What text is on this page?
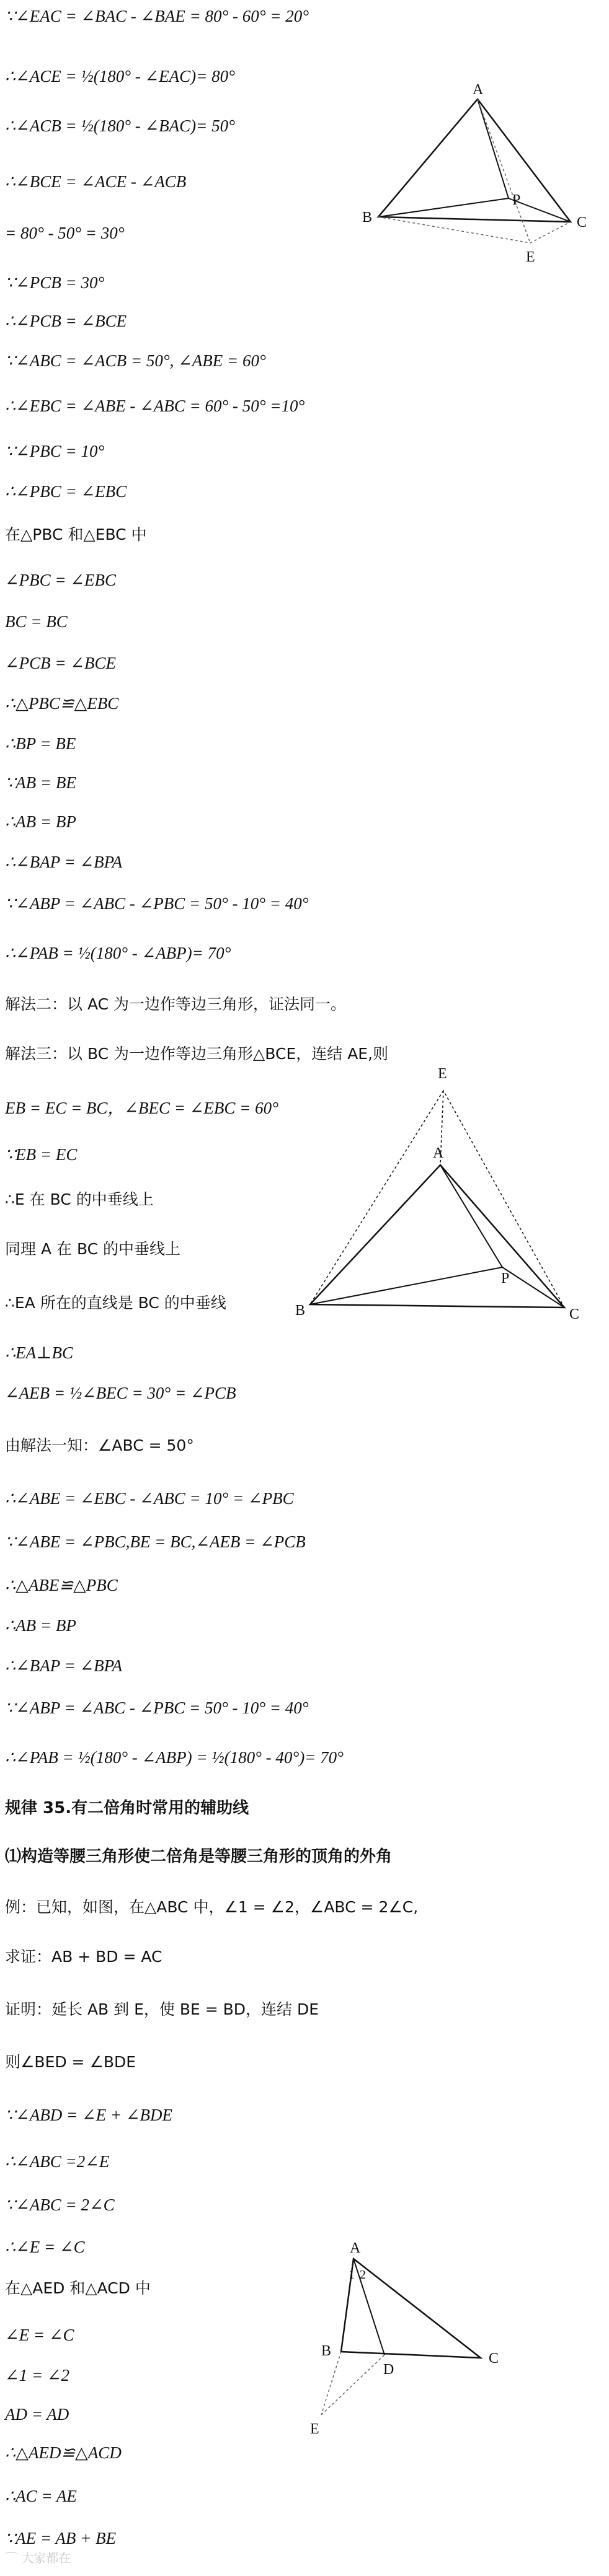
∵∠EAC = ∠BAC - ∠BAE = 80° - 60° = 20°
∴∠ACE = ½(180° - ∠EAC)= 80°
∴∠ACB = ½(180° - ∠BAC)= 50°
∴∠BCE = ∠ACE - ∠ACB
= 80° - 50° = 30°
∵∠PCB = 30°
∴∠PCB = ∠BCE
∵∠ABC = ∠ACB = 50°, ∠ABE = 60°
∴∠EBC = ∠ABE - ∠ABC = 60° - 50° =10°
∵∠PBC = 10°
∴∠PBC = ∠EBC
在△PBC 和△EBC 中
∠PBC = ∠EBC
BC = BC
∠PCB = ∠BCE
∴△PBC≌△EBC
∴BP = BE
∵AB = BE
∴AB = BP
∴∠BAP = ∠BPA
∵∠ABP = ∠ABC - ∠PBC = 50° - 10° = 40°
∴∠PAB = ½(180° - ∠ABP)= 70°
解法二：以 AC 为一边作等边三角形，证法同一。
解法三：以 BC 为一边作等边三角形△BCE，连结 AE,则
EB = EC = BC，∠BEC = ∠EBC = 60°
∵EB = EC
∴E 在 BC 的中垂线上
同理 A 在 BC 的中垂线上
∴EA 所在的直线是 BC 的中垂线
∴EA⊥BC
∠AEB = ½∠BEC = 30° = ∠PCB
由解法一知：∠ABC = 50°
∴∠ABE = ∠EBC - ∠ABC = 10° = ∠PBC
∵∠ABE = ∠PBC,BE = BC,∠AEB = ∠PCB
∴△ABE≌△PBC
∴AB = BP
∴∠BAP = ∠BPA
∵∠ABP = ∠ABC - ∠PBC = 50° - 10° = 40°
∴∠PAB = ½(180° - ∠ABP) = ½(180° - 40°)= 70°
规律 35.有二倍角时常用的辅助线
⑴构造等腰三角形使二倍角是等腰三角形的顶角的外角
例：已知，如图，在△ABC 中，∠1 = ∠2，∠ABC = 2∠C,
求证：AB + BD = AC
证明：延长 AB 到 E，使 BE = BD，连结 DE
则∠BED = ∠BDE
∵∠ABD = ∠E + ∠BDE
∴∠ABC =2∠E
∵∠ABC = 2∠C
∴∠E = ∠C
在△AED 和△ACD 中
∠E = ∠C
∠1 = ∠2
AD = AD
∴△AED≌△ACD
∴AC = AE
∵AE = AB + BE
A
B	C
P
E
E
A
B	C
P
A
1 2
B
D
C
E
⌒ 大家都在
